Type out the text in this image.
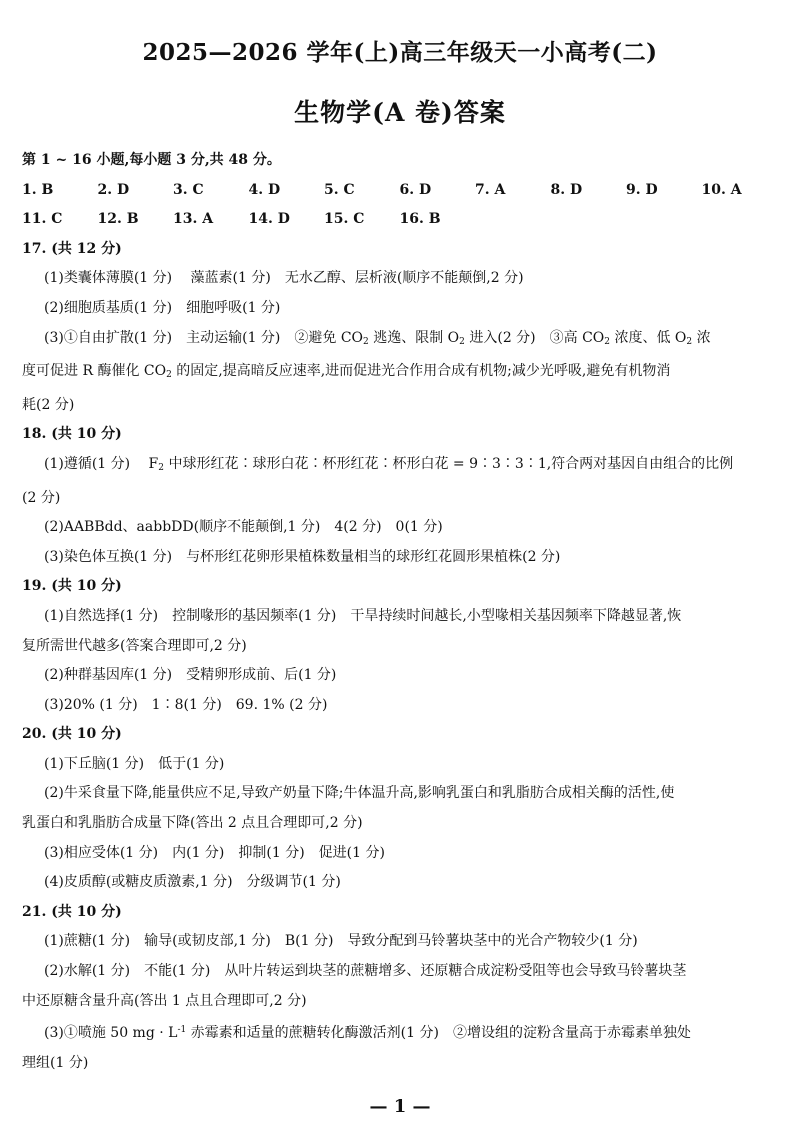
2025—2026 学年(上)高三年级天一小高考(二)
生物学(A 卷)答案
第 1 ~ 16 小题,每小题 3 分,共 48 分。
1. B	2. D	3. C	4. D	5. C	6. D	7. A	8. D	9. D	10. A
11. C	12. B	13. A	14. D	15. C	16. B
17. (共 12 分)
(1)类囊体薄膜(1 分)　 藻蓝素(1 分)　无水乙醇、层析液(顺序不能颠倒,2 分)
(2)细胞质基质(1 分)　细胞呼吸(1 分)
(3)①自由扩散(1 分)　主动运输(1 分)　②避免 $CO_2$ 逃逸、限制 $O_2$ 进入(2 分)　③高 $CO_2$ 浓度、低 $O_2$ 浓
度可促进 R 酶催化 $CO_2$ 的固定,提高暗反应速率,进而促进光合作用合成有机物;减少光呼吸,避免有机物消
耗(2 分)
18. (共 10 分)
(1)遵循(1 分)　 $F_2$ 中球形红花∶球形白花∶杯形红花∶杯形白花 = 9∶3∶3∶1,符合两对基因自由组合的比例
(2 分)
(2)AABBdd、aabbDD(顺序不能颠倒,1 分)　4(2 分)　0(1 分)
(3)染色体互换(1 分)　与杯形红花卵形果植株数量相当的球形红花圆形果植株(2 分)
19. (共 10 分)
(1)自然选择(1 分)　控制喙形的基因频率(1 分)　干旱持续时间越长,小型喙相关基因频率下降越显著,恢
复所需世代越多(答案合理即可,2 分)
(2)种群基因库(1 分)　受精卵形成前、后(1 分)
(3)20% (1 分)　1∶8(1 分)　69. 1% (2 分)
20. (共 10 分)
(1)下丘脑(1 分)　低于(1 分)
(2)牛采食量下降,能量供应不足,导致产奶量下降;牛体温升高,影响乳蛋白和乳脂肪合成相关酶的活性,使
乳蛋白和乳脂肪合成量下降(答出 2 点且合理即可,2 分)
(3)相应受体(1 分)　内(1 分)　抑制(1 分)　促进(1 分)
(4)皮质醇(或糖皮质激素,1 分)　分级调节(1 分)
21. (共 10 分)
(1)蔗糖(1 分)　输导(或韧皮部,1 分)　B(1 分)　导致分配到马铃薯块茎中的光合产物较少(1 分)
(2)水解(1 分)　不能(1 分)　从叶片转运到块茎的蔗糖增多、还原糖合成淀粉受阻等也会导致马铃薯块茎
中还原糖含量升高(答出 1 点且合理即可,2 分)
(3)①喷施 50 mg · $L^{-1}$ 赤霉素和适量的蔗糖转化酶激活剂(1 分)　②增设组的淀粉含量高于赤霉素单独处
理组(1 分)
— 1 —
